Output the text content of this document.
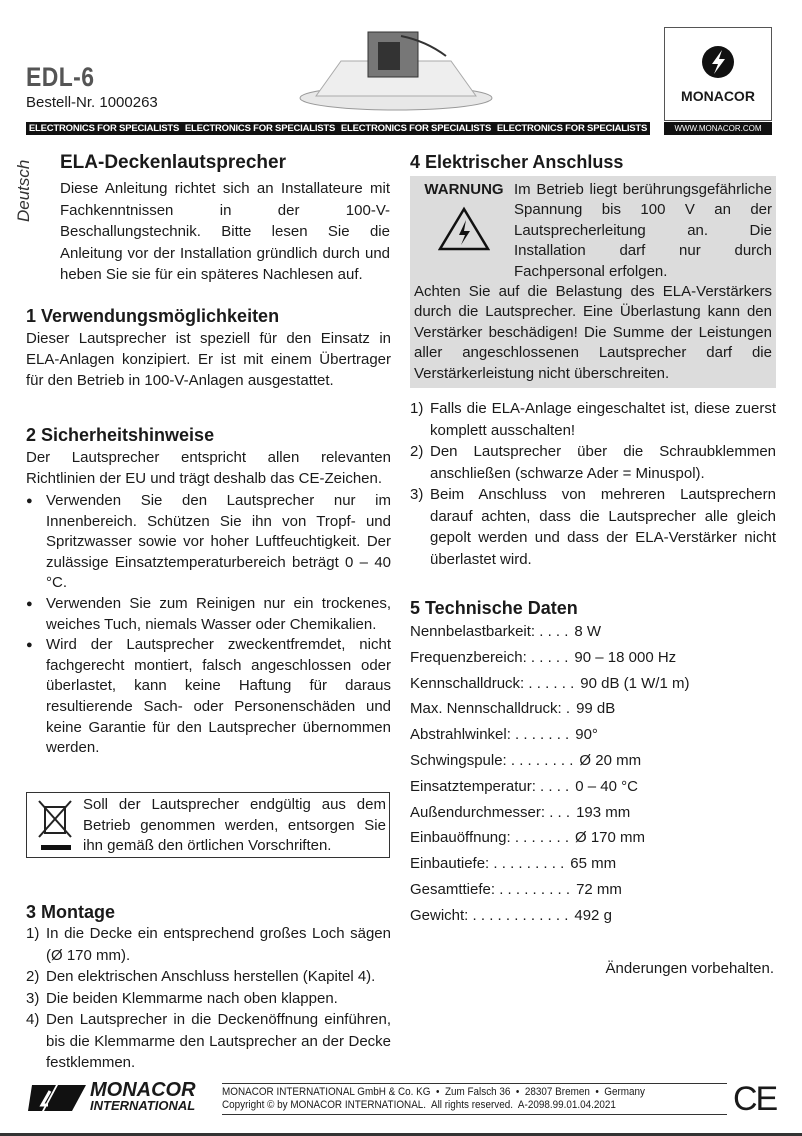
EDL-6
Bestell-Nr. 1000263
ELECTRONICS FOR SPECIALISTS ELECTRONICS FOR SPECIALISTS ELECTRONICS FOR SPECIALISTS ELECTRONICS FOR SPECIALISTS
MONACOR
WWW.MONACOR.COM
Deutsch ELA-Deckenlautsprecher

Diese Anleitung richtet sich an Installateure mit Fachkenntnissen in der 100-V-Beschallungstechnik. Bitte lesen Sie die Anleitung vor der Installation gründlich durch und heben Sie sie für ein späteres Nachlesen auf.

1 Verwendungsmöglichkeiten

Dieser Lautsprecher ist speziell für den Einsatz in ELA-Anlagen konzipiert. Er ist mit einem Übertrager für den Betrieb in 100-V-Anlagen ausgestattet.

2 Sicherheitshinweise

Der Lautsprecher entspricht allen relevanten Richtlinien der EU und trägt deshalb das CE-Zeichen.

● Verwenden Sie den Lautsprecher nur im Innenbereich. Schützen Sie ihn von Tropf- und Spritzwasser sowie vor hoher Luftfeuchtigkeit. Der zulässige Einsatztemperaturbereich beträgt 0 – 40 °C.
● Verwenden Sie zum Reinigen nur ein trockenes, weiches Tuch, niemals Wasser oder Chemikalien.
● Wird der Lautsprecher zweckentfremdet, nicht fachgerecht montiert, falsch angeschlossen oder überlastet, kann keine Haftung für daraus resultierende Sach- oder Personenschäden und keine Garantie für den Lautsprecher übernommen werden.

Soll der Lautsprecher endgültig aus dem Betrieb genommen werden, entsorgen Sie ihn gemäß den örtlichen Vorschriften.

3 Montage
1) In die Decke ein entsprechend großes Loch sägen (Ø 170 mm).
2) Den elektrischen Anschluss herstellen (Kapitel 4).
3) Die beiden Klemmarme nach oben klappen.
4) Den Lautsprecher in die Deckenöffnung einführen, bis die Klemmarme den Lautsprecher an der Decke festklemmen.
4 Elektrischer Anschluss
WARNUNG Im Betrieb liegt berührungsgefährliche Spannung bis 100 V an der Lautsprecherleitung an. Die Installation darf nur durch Fachpersonal erfolgen.

Achten Sie auf die Belastung des ELA-Verstärkers durch die Lautsprecher. Eine Überlastung kann den Verstärker beschädigen! Die Summe der Leistungen aller angeschlossenen Lautsprecher darf die Verstärkerleistung nicht überschreiten.

1) Falls die ELA-Anlage eingeschaltet ist, diese zuerst komplett ausschalten!
2) Den Lautsprecher über die Schraubklemmen anschließen (schwarze Ader = Minuspol).
3) Beim Anschluss von mehreren Lautsprechern darauf achten, dass die Lautsprecher alle gleich gepolt werden und dass der ELA-Verstärker nicht überlastet wird.
5 Technische Daten
Nennbelastbarkeit: . . . . 8 W
Frequenzbereich: . . . . . 90 – 18 000 Hz
Kennschalldruck: . . . . . . 90 dB (1 W/1 m)
Max. Nennschalldruck: . 99 dB
Abstrahlwinkel: . . . . . . . 90°
Schwingspule: . . . . . . . . Ø 20 mm
Einsatztemperatur: . . . . 0 – 40 °C
Außendurchmesser: . . . 193 mm
Einbauöffnung: . . . . . . . Ø 170 mm
Einbautiefe: . . . . . . . . . 65 mm
Gesamttiefe: . . . . . . . . . 72 mm
Gewicht: . . . . . . . . . . . . 492 g
Änderungen vorbehalten.
MONACOR
INTERNATIONAL
MONACOR INTERNATIONAL GmbH & Co. KG  •  Zum Falsch 36  •  28307 Bremen  •  Germany
Copyright © by MONACOR INTERNATIONAL.  All rights reserved.  A-2098.99.01.04.2021	CE
